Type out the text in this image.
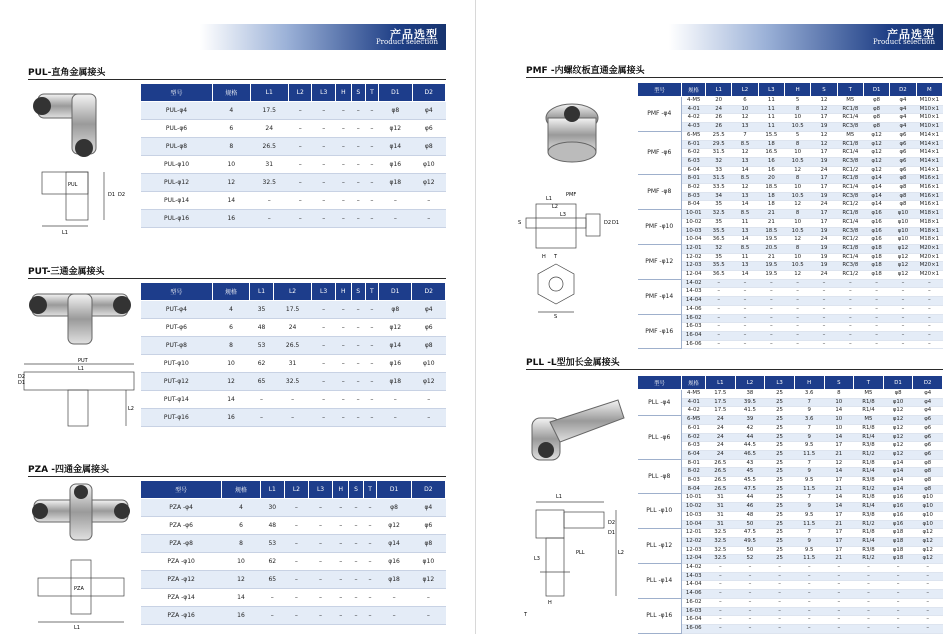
产品选型
Product selection
PUL-直角金属接头
PUL
L1
D1 D2
型号	规格	L1	L2	L3	H	S	T	D1	D2
PUL-φ4	4	17.5	–	–	–	–	–	φ8	φ4
PUL-φ6	6	24	–	–	–	–	–	φ12	φ6
PUL-φ8	8	26.5	–	–	–	–	–	φ14	φ8
PUL-φ10	10	31	–	–	–	–	–	φ16	φ10
PUL-φ12	12	32.5	–	–	–	–	–	φ18	φ12
PUL-φ14	14	–	–	–	–	–	–	–	–
PUL-φ16	16	–	–	–	–	–	–	–	–
PUT-三通金属接头
PUT
L1
L2
D1
D2
型号	规格	L1	L2	L3	H	S	T	D1	D2
PUT-φ4	4	35	17.5	–	–	–	–	φ8	φ4
PUT-φ6	6	48	24	–	–	–	–	φ12	φ6
PUT-φ8	8	53	26.5	–	–	–	–	φ14	φ8
PUT-φ10	10	62	31	–	–	–	–	φ16	φ10
PUT-φ12	12	65	32.5	–	–	–	–	φ18	φ12
PUT-φ14	14	–	–	–	–	–	–	–	–
PUT-φ16	16	–	–	–	–	–	–	–	–
PZA -四通金属接头
L1
PZA
型号	规格	L1	L2	L3	H	S	T	D1	D2
PZA -φ4	4	30	–	–	–	–	–	φ8	φ4
PZA -φ6	6	48	–	–	–	–	–	φ12	φ6
PZA -φ8	8	53	–	–	–	–	–	φ14	φ8
PZA -φ10	10	62	–	–	–	–	–	φ16	φ10
PZA -φ12	12	65	–	–	–	–	–	φ18	φ12
PZA -φ14	14	–	–	–	–	–	–	–	–
PZA -φ16	16	–	–	–	–	–	–	–	–
产品选型
Product selection
PMF -内螺纹板直通金属接头
PMF
L1
L2
L3
S
H T
D2 D1
S
型号	规格	L1	L2	L3	H	S	T	D1	D2	M
PMF -φ4	4-M5	20	6	11	5	12	M5	φ8	φ4	M10×1
	4-01	24	10	11	8	12	RC1/8	φ8	φ4	M10×1
	4-02	26	12	11	10	17	RC1/4	φ8	φ4	M10×1
	4-03	26	13	11	10.5	19	RC3/8	φ8	φ4	M10×1
PMF -φ6	6-M5	25.5	7	15.5	5	12	M5	φ12	φ6	M14×1
	6-01	29.5	8.5	18	8	12	RC1/8	φ12	φ6	M14×1
	6-02	31.5	12	16.5	10	17	RC1/4	φ12	φ6	M14×1
	6-03	32	13	16	10.5	19	RC3/8	φ12	φ6	M14×1
	6-04	33	14	16	12	24	RC1/2	φ12	φ6	M14×1
PMF -φ8	8-01	31.5	8.5	20	8	17	RC1/8	φ14	φ8	M16×1
	8-02	33.5	12	18.5	10	17	RC1/4	φ14	φ8	M16×1
	8-03	34	13	18	10.5	19	RC3/8	φ14	φ8	M16×1
	8-04	35	14	18	12	24	RC1/2	φ14	φ8	M16×1
PMF -φ10	10-01	32.5	8.5	21	8	17	RC1/8	φ16	φ10	M18×1
	10-02	35	11	21	10	17	RC1/4	φ16	φ10	M18×1
	10-03	35.5	13	18.5	10.5	19	RC3/8	φ16	φ10	M18×1
	10-04	36.5	14	19.5	12	24	RC1/2	φ16	φ10	M18×1
PMF -φ12	12-01	32	8.5	20.5	8	19	RC1/8	φ18	φ12	M20×1
	12-02	35	11	21	10	19	RC1/4	φ18	φ12	M20×1
	12-03	35.5	13	19.5	10.5	19	RC3/8	φ18	φ12	M20×1
	12-04	36.5	14	19.5	12	24	RC1/2	φ18	φ12	M20×1
PMF -φ14	14-02	–	–	–	–	–	–	–	–	–
	14-03	–	–	–	–	–	–	–	–	–
	14-04	–	–	–	–	–	–	–	–	–
	14-06	–	–	–	–	–	–	–	–	–
PMF -φ16	16-02	–	–	–	–	–	–	–	–	–
	16-03	–	–	–	–	–	–	–	–	–
	16-04	–	–	–	–	–	–	–	–	–
	16-06	–	–	–	–	–	–	–	–	–
PLL -L型加长金属接头
L1
PLL	L2
L3
H
T
D2
D1
型号	规格	L1	L2	L3	H	S	T	D1	D2
PLL -φ4	4-M5	17.5	38	25	3.6	8	M5	φ8	φ4
	4-01	17.5	39.5	25	7	10	R1/8	φ10	φ4
	4-02	17.5	41.5	25	9	14	R1/4	φ12	φ4
PLL -φ6	6-M5	24	39	25	3.6	10	M5	φ12	φ6
	6-01	24	42	25	7	10	R1/8	φ12	φ6
	6-02	24	44	25	9	14	R1/4	φ12	φ6
	6-03	24	44.5	25	9.5	17	R3/8	φ12	φ6
	6-04	24	46.5	25	11.5	21	R1/2	φ12	φ6
PLL -φ8	8-01	26.5	43	25	7	12	R1/8	φ14	φ8
	8-02	26.5	45	25	9	14	R1/4	φ14	φ8
	8-03	26.5	45.5	25	9.5	17	R3/8	φ14	φ8
	8-04	26.5	47.5	25	11.5	21	R1/2	φ14	φ8
PLL -φ10	10-01	31	44	25	7	14	R1/8	φ16	φ10
	10-02	31	46	25	9	14	R1/4	φ16	φ10
	10-03	31	48	25	9.5	17	R3/8	φ16	φ10
	10-04	31	50	25	11.5	21	R1/2	φ16	φ10
PLL -φ12	12-01	32.5	47.5	25	7	17	R1/8	φ18	φ12
	12-02	32.5	49.5	25	9	17	R1/4	φ18	φ12
	12-03	32.5	50	25	9.5	17	R3/8	φ18	φ12
	12-04	32.5	52	25	11.5	21	R1/2	φ18	φ12
PLL -φ14	14-02	–	–	–	–	–	–	–	–
	14-03	–	–	–	–	–	–	–	–
	14-04	–	–	–	–	–	–	–	–
	14-06	–	–	–	–	–	–	–	–
PLL -φ16	16-02	–	–	–	–	–	–	–	–
	16-03	–	–	–	–	–	–	–	–
	16-04	–	–	–	–	–	–	–	–
	16-06	–	–	–	–	–	–	–	–
